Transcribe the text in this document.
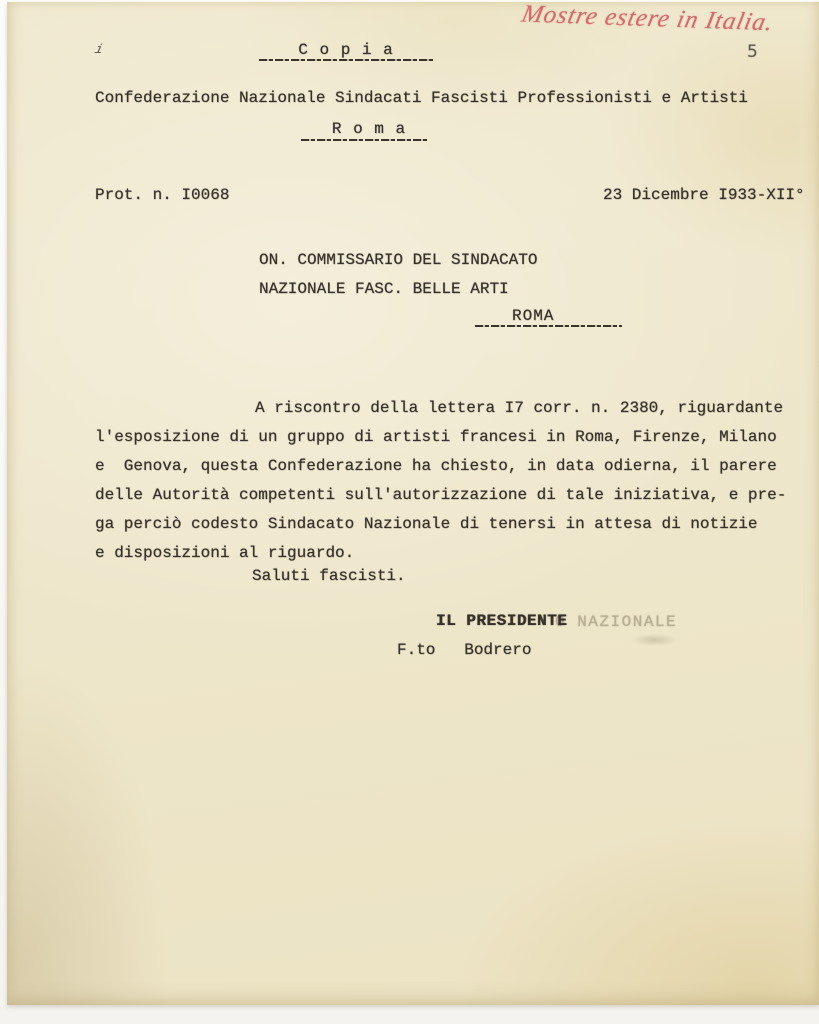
Mostre estere in Italia.
5
i	C o p i a
Confederazione Nazionale Sindacati Fascisti Professionisti e Artisti
R o m a
Prot. n. I0068	23 Dicembre I933-XII°
ON. COMMISSARIO DEL SINDACATO
NAZIONALE FASC. BELLE ARTI
ROMA
A riscontro della lettera I7 corr. n. 2380, riguardante
l'esposizione di un gruppo di artisti francesi in Roma, Firenze, Milano
e  Genova, questa Confederazione ha chiesto, in data odierna, il parere
delle Autorità competenti sull'autorizzazione di tale iniziativa, e pre-
ga perciò codesto Sindacato Nazionale di tenersi in attesa di notizie
e disposizioni al riguardo.
Saluti fascisti.
O NAZIONALE
IL PRESIDENTE
F.to   Bodrero
